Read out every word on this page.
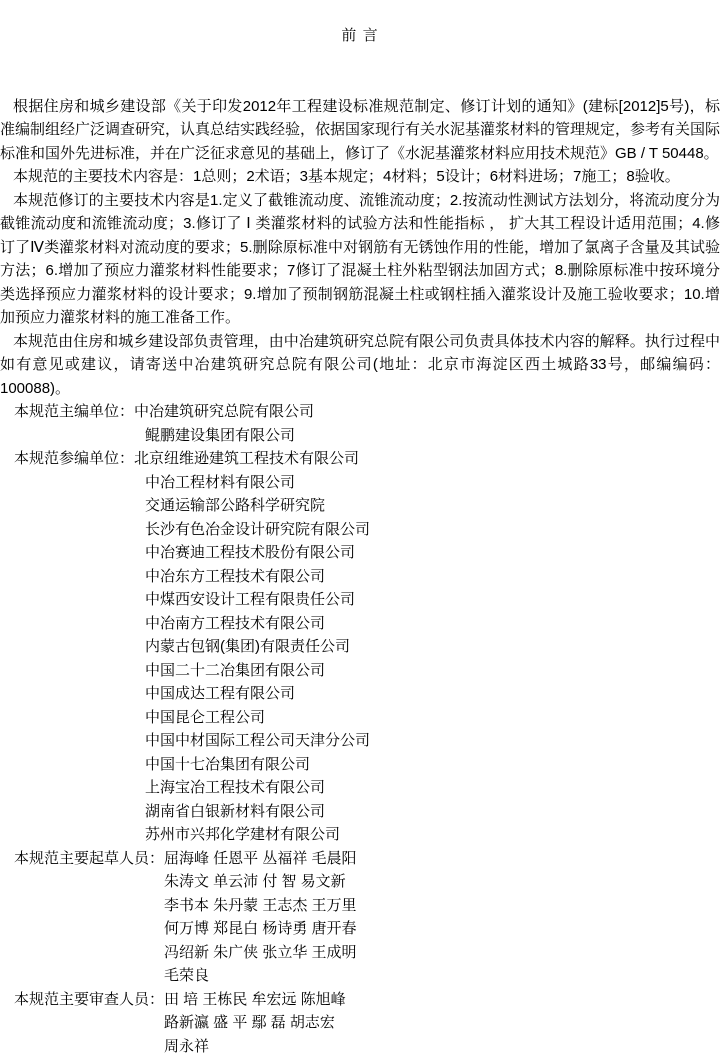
前 言

根据住房和城乡建设部《关于印发2012年工程建设标准规范制定、修订计划的通知》(建标[2012]5号)，标准编制组经广泛调查研究，认真总结实践经验，依据国家现行有关水泥基灌浆材料的管理规定，参考有关国际标准和国外先进标准，并在广泛征求意见的基础上，修订了《水泥基灌浆材料应用技术规范》GB / T 50448。

本规范的主要技术内容是：1总则；2术语；3基本规定；4材料；5设计；6材料进场；7施工；8验收。

本规范修订的主要技术内容是1.定义了截锥流动度、流锥流动度；2.按流动性测试方法划分，将流动度分为截锥流动度和流锥流动度；3.修订了 Ⅰ 类灌浆材料的试验方法和性能指标 ， 扩大其工程设计适用范围；4.修订了Ⅳ类灌浆材料对流动度的要求；5.删除原标准中对钢筋有无锈蚀作用的性能，增加了氯离子含量及其试验方法；6.增加了预应力灌浆材料性能要求；7修订了混凝土柱外粘型钢法加固方式；8.删除原标准中按环境分类选择预应力灌浆材料的设计要求；9.增加了预制钢筋混凝土柱或钢柱插入灌浆设计及施工验收要求；10.增加预应力灌浆材料的施工准备工作。

本规范由住房和城乡建设部负责管理，由中冶建筑研究总院有限公司负责具体技术内容的解释。执行过程中如有意见或建议，请寄送中冶建筑研究总院有限公司(地址：北京市海淀区西土城路33号，邮编编码：100088)。

本规范主编单位： 中冶建筑研究总院有限公司
鲲鹏建设集团有限公司
本规范参编单位： 北京纽维逊建筑工程技术有限公司
中冶工程材料有限公司
交通运输部公路科学研究院
长沙有色冶金设计研究院有限公司
中冶赛迪工程技术股份有限公司
中冶东方工程技术有限公司
中煤西安设计工程有限贵任公司
中冶南方工程技术有限公司
内蒙古包钢(集团)有限责任公司
中国二十二冶集团有限公司
中国成达工程有限公司
中国昆仑工程公司
中国中材国际工程公司天津分公司
中国十七冶集团有限公司
上海宝冶工程技术有限公司
湖南省白银新材料有限公司
苏州市兴邦化学建材有限公司
本规范主要起草人员： 屈海峰 任恩平 丛福祥 毛晨阳
朱涛文 单云沛 付 智 易文新
李书本 朱丹蒙 王志杰 王万里
何万博 郑昆白 杨诗勇 唐开春
冯绍新 朱广侠 张立华 王成明
毛荣良
本规范主要审查人员： 田 培 王栋民 牟宏远 陈旭峰
路新瀛 盛 平 鄢 磊 胡志宏
周永祥
